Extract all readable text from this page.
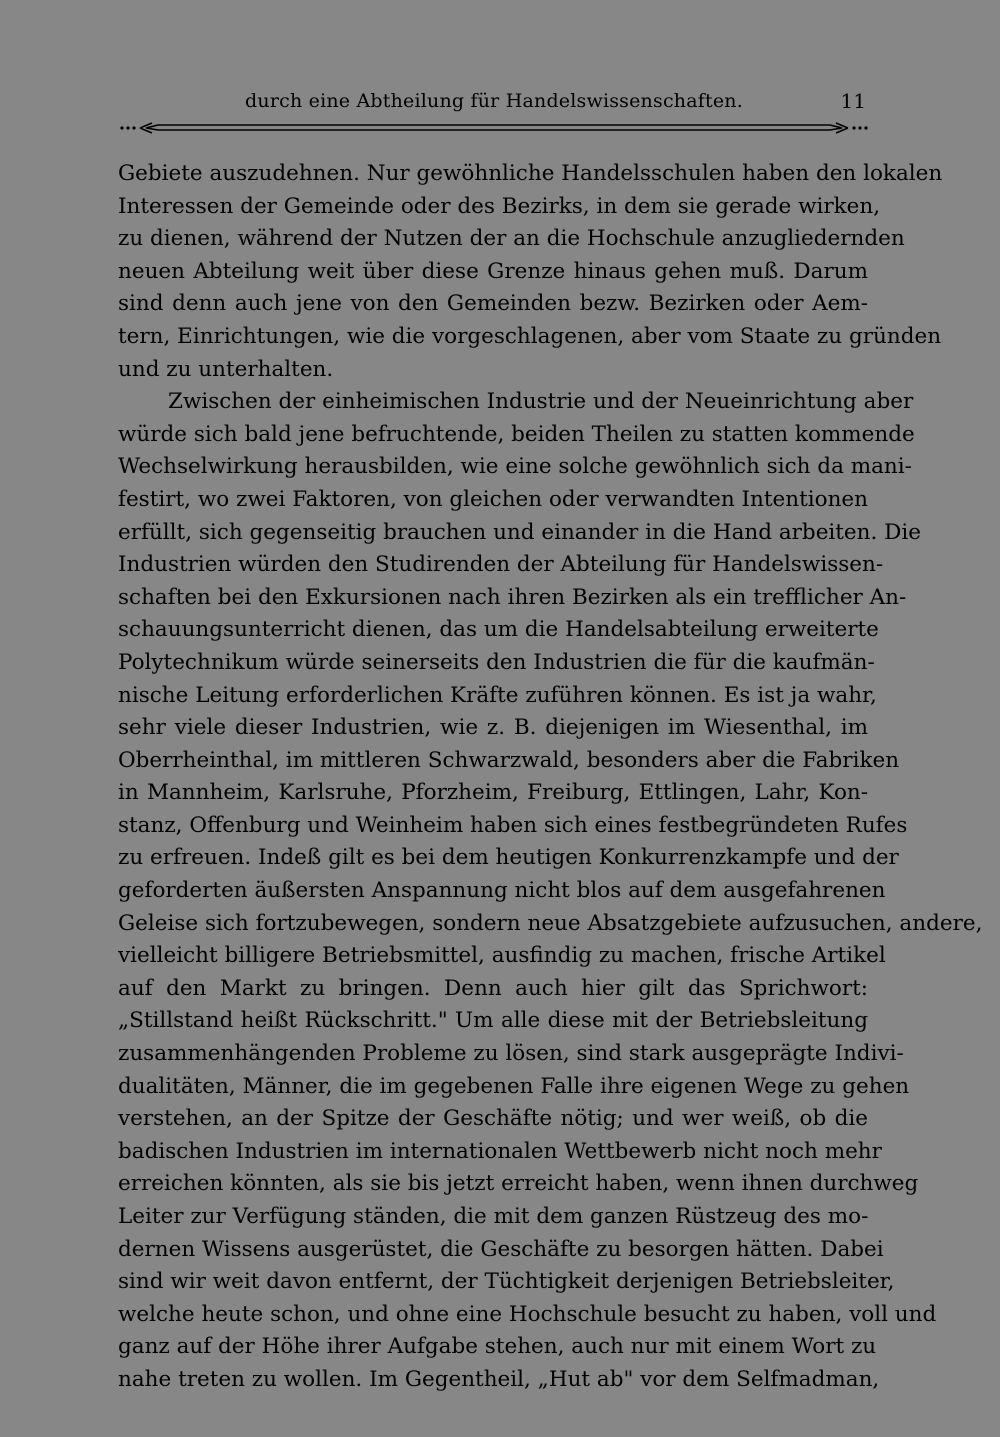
durch eine Abtheilung für Handelswissenschaften.	11
Gebiete auszudehnen. Nur gewöhnliche Handelsschulen haben den lokalen
Interessen der Gemeinde oder des Bezirks, in dem sie gerade wirken,
zu dienen, während der Nutzen der an die Hochschule anzugliedernden
neuen Abteilung weit über diese Grenze hinaus gehen muß. Darum
sind denn auch jene von den Gemeinden bezw. Bezirken oder Aem-
tern, Einrichtungen, wie die vorgeschlagenen, aber vom Staate zu gründen
und zu unterhalten.
Zwischen der einheimischen Industrie und der Neueinrichtung aber
würde sich bald jene befruchtende, beiden Theilen zu statten kommende
Wechselwirkung herausbilden, wie eine solche gewöhnlich sich da mani-
festirt, wo zwei Faktoren, von gleichen oder verwandten Intentionen
erfüllt, sich gegenseitig brauchen und einander in die Hand arbeiten. Die
Industrien würden den Studirenden der Abteilung für Handelswissen-
schaften bei den Exkursionen nach ihren Bezirken als ein trefflicher An-
schauungsunterricht dienen, das um die Handelsabteilung erweiterte
Polytechnikum würde seinerseits den Industrien die für die kaufmän-
nische Leitung erforderlichen Kräfte zuführen können. Es ist ja wahr,
sehr viele dieser Industrien, wie z. B. diejenigen im Wiesenthal, im
Oberrheinthal, im mittleren Schwarzwald, besonders aber die Fabriken
in Mannheim, Karlsruhe, Pforzheim, Freiburg, Ettlingen, Lahr, Kon-
stanz, Offenburg und Weinheim haben sich eines festbegründeten Rufes
zu erfreuen. Indeß gilt es bei dem heutigen Konkurrenzkampfe und der
geforderten äußersten Anspannung nicht blos auf dem ausgefahrenen
Geleise sich fortzubewegen, sondern neue Absatzgebiete aufzusuchen, andere,
vielleicht billigere Betriebsmittel, ausfindig zu machen, frische Artikel
auf den Markt zu bringen. Denn auch hier gilt das Sprichwort:
„Stillstand heißt Rückschritt." Um alle diese mit der Betriebsleitung
zusammenhängenden Probleme zu lösen, sind stark ausgeprägte Indivi-
dualitäten, Männer, die im gegebenen Falle ihre eigenen Wege zu gehen
verstehen, an der Spitze der Geschäfte nötig; und wer weiß, ob die
badischen Industrien im internationalen Wettbewerb nicht noch mehr
erreichen könnten, als sie bis jetzt erreicht haben, wenn ihnen durchweg
Leiter zur Verfügung ständen, die mit dem ganzen Rüstzeug des mo-
dernen Wissens ausgerüstet, die Geschäfte zu besorgen hätten. Dabei
sind wir weit davon entfernt, der Tüchtigkeit derjenigen Betriebsleiter,
welche heute schon, und ohne eine Hochschule besucht zu haben, voll und
ganz auf der Höhe ihrer Aufgabe stehen, auch nur mit einem Wort zu
nahe treten zu wollen. Im Gegentheil, „Hut ab" vor dem Selfmadman,
